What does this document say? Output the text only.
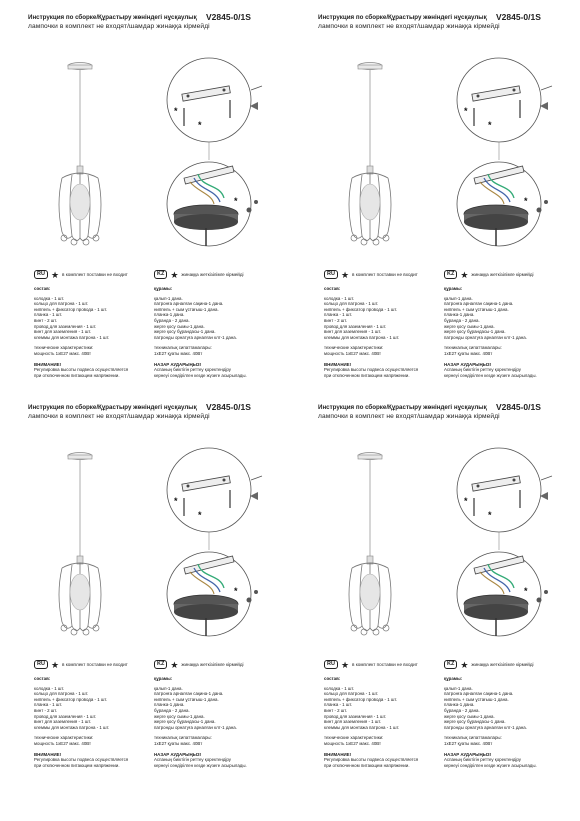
Инструкция по сборке/Құрастыру жөніндегі нұсқаулық V2845-0/1S
лампочки в комплект не входят/шамдар жинаққа кірмейді
*
*
*
RU ★ в комплект поставки не входит	KZ ★ жинаққа жеткізілімге кірмейді
состав:
колодка - 1 шт.
кольцо для патрона - 1 шт.
ниппель + фиксатор провода - 1 шт.
планка - 1 шт.
винт - 2 шт.
провод для заземления - 1 шт.
винт для заземления - 1 шт.
клеммы для монтажа патрона - 1 шт.
технические характеристики:
мощность 1хЕ27 макс. 40Вт
ВНИМАНИЕ!
Регулировка высоты подвеса осуществляется
при отключенном питающем напряжении.
құрамы:
қалып-1 дана.
патронға арналған сақина-1 дана.
ниппель + сым ұстағыш-1 дана.
планка-1 дана.
бұранда - 2 дана.
жерге қосу сымы-1 дана.
жерге қосу бұрандасы-1 дана.
патронды орнатуға арналған клт-1 дана.
техникалық сипаттамалары:
1хЕ27 қуаты макс. 40Вт
НАЗАР АУДАРЫҢЫЗ!
Аспаның биіктігін реттеу қоректендіру
кернеуі сөндірілген кезде жүзеге асырылады.
Инструкция по сборке/Құрастыру жөніндегі нұсқаулық V2845-0/1S
лампочки в комплект не входят/шамдар жинаққа кірмейді
*
*
*
RU ★ в комплект поставки не входит	KZ ★ жинаққа жеткізілімге кірмейді
состав:
колодка - 1 шт.
кольцо для патрона - 1 шт.
ниппель + фиксатор провода - 1 шт.
планка - 1 шт.
винт - 2 шт.
провод для заземления - 1 шт.
винт для заземления - 1 шт.
клеммы для монтажа патрона - 1 шт.
технические характеристики:
мощность 1хЕ27 макс. 40Вт
ВНИМАНИЕ!
Регулировка высоты подвеса осуществляется
при отключенном питающем напряжении.
құрамы:
қалып-1 дана.
патронға арналған сақина-1 дана.
ниппель + сым ұстағыш-1 дана.
планка-1 дана.
бұранда - 2 дана.
жерге қосу сымы-1 дана.
жерге қосу бұрандасы-1 дана.
патронды орнатуға арналған клт-1 дана.
техникалық сипаттамалары:
1хЕ27 қуаты макс. 40Вт
НАЗАР АУДАРЫҢЫЗ!
Аспаның биіктігін реттеу қоректендіру
кернеуі сөндірілген кезде жүзеге асырылады.
Инструкция по сборке/Құрастыру жөніндегі нұсқаулық V2845-0/1S
лампочки в комплект не входят/шамдар жинаққа кірмейді
*
*
*
RU ★ в комплект поставки не входит	KZ ★ жинаққа жеткізілімге кірмейді
состав:
колодка - 1 шт.
кольцо для патрона - 1 шт.
ниппель + фиксатор провода - 1 шт.
планка - 1 шт.
винт - 2 шт.
провод для заземления - 1 шт.
винт для заземления - 1 шт.
клеммы для монтажа патрона - 1 шт.
технические характеристики:
мощность 1хЕ27 макс. 40Вт
ВНИМАНИЕ!
Регулировка высоты подвеса осуществляется
при отключенном питающем напряжении.
құрамы:
қалып-1 дана.
патронға арналған сақина-1 дана.
ниппель + сым ұстағыш-1 дана.
планка-1 дана.
бұранда - 2 дана.
жерге қосу сымы-1 дана.
жерге қосу бұрандасы-1 дана.
патронды орнатуға арналған клт-1 дана.
техникалық сипаттамалары:
1хЕ27 қуаты макс. 40Вт
НАЗАР АУДАРЫҢЫЗ!
Аспаның биіктігін реттеу қоректендіру
кернеуі сөндірілген кезде жүзеге асырылады.
Инструкция по сборке/Құрастыру жөніндегі нұсқаулық V2845-0/1S
лампочки в комплект не входят/шамдар жинаққа кірмейді
*
*
*
RU ★ в комплект поставки не входит	KZ ★ жинаққа жеткізілімге кірмейді
состав:
колодка - 1 шт.
кольцо для патрона - 1 шт.
ниппель + фиксатор провода - 1 шт.
планка - 1 шт.
винт - 2 шт.
провод для заземления - 1 шт.
винт для заземления - 1 шт.
клеммы для монтажа патрона - 1 шт.
технические характеристики:
мощность 1хЕ27 макс. 40Вт
ВНИМАНИЕ!
Регулировка высоты подвеса осуществляется
при отключенном питающем напряжении.
құрамы:
қалып-1 дана.
патронға арналған сақина-1 дана.
ниппель + сым ұстағыш-1 дана.
планка-1 дана.
бұранда - 2 дана.
жерге қосу сымы-1 дана.
жерге қосу бұрандасы-1 дана.
патронды орнатуға арналған клт-1 дана.
техникалық сипаттамалары:
1хЕ27 қуаты макс. 40Вт
НАЗАР АУДАРЫҢЫЗ!
Аспаның биіктігін реттеу қоректендіру
кернеуі сөндірілген кезде жүзеге асырылады.
